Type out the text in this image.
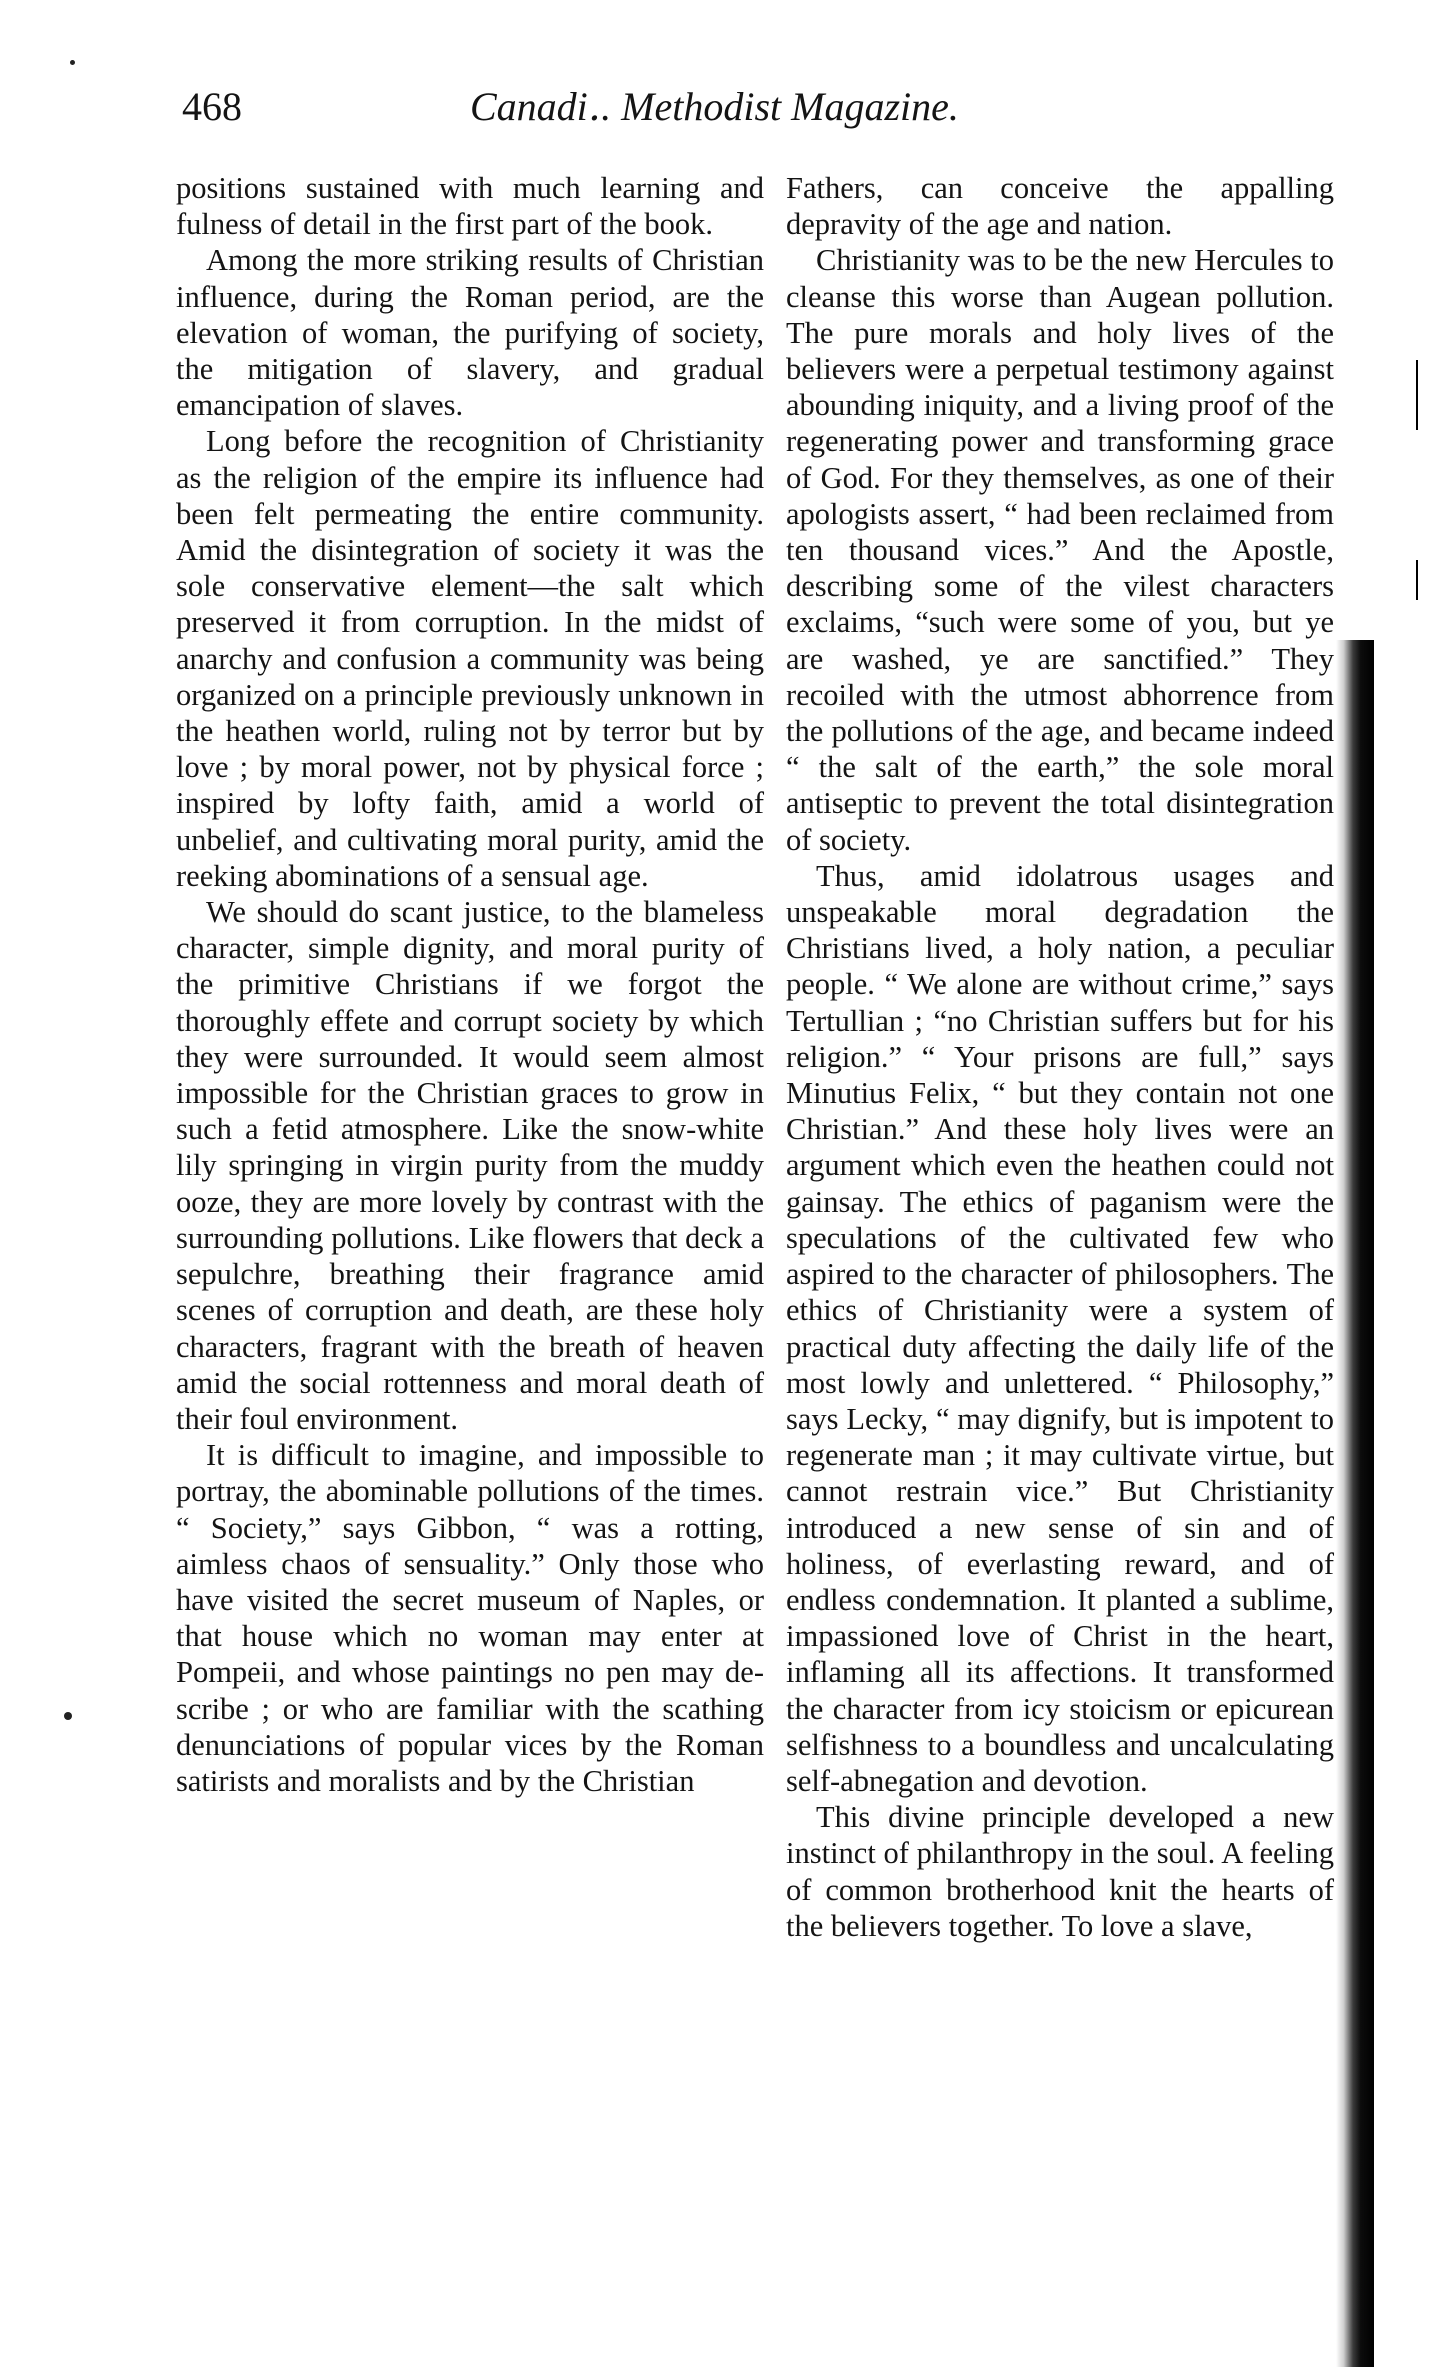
468	Canadi․. Methodist Magazine.

positions sustained with much learning and fulness of detail in the first part of the book.

Among the more striking results of Christian influence, during the Roman period, are the elevation of woman, the purifying of society, the mitigation of slavery, and gradual emancipation of slaves.

Long before the recognition of Christianity as the religion of the empire its influence had been felt permeating the entire community. Amid the disintegration of society it was the sole conservative element—the salt which preserved it from corruption. In the midst of anarchy and confusion a community was being organized on a principle previously unknown in the heathen world, ruling not by terror but by love ; by moral power, not by physical force ; inspired by lofty faith, amid a world of unbelief, and cultivating moral purity, amid the reeking abominations of a sensual age.

We should do scant justice, to the blameless character, simple dignity, and moral purity of the primitive Christians if we forgot the thoroughly effete and corrupt society by which they were surrounded. It would seem almost impossible for the Christian graces to grow in such a fetid atmosphere. Like the snow-white lily springing in virgin purity from the muddy ooze, they are more lovely by contrast with the surrounding pollutions. Like flowers that deck a sepulchre, breathing their fragrance amid scenes of corruption and death, are these holy characters, fragrant with the breath of heaven amid the social rottenness and moral death of their foul environment.

It is difficult to imagine, and impossible to portray, the abominable pollutions of the times. “ Society,” says Gibbon, “ was a rotting, aimless chaos of sensuality.” Only those who have visited the secret museum of Naples, or that house which no woman may enter at Pompeii, and whose paintings no pen may describe ; or who are familiar with the scathing denunciations of popular vices by the Roman satirists and moralists and by the Christian

Fathers, can conceive the appalling depravity of the age and nation.

Christianity was to be the new Hercules to cleanse this worse than Augean pollution. The pure morals and holy lives of the believers were a perpetual testimony against abounding iniquity, and a living proof of the regenerating power and transforming grace of God. For they themselves, as one of their apologists assert, “ had been reclaimed from ten thousand vices.” And the Apostle, describing some of the vilest characters exclaims, “such were some of you, but ye are washed, ye are sanctified.” They recoiled with the utmost abhorrence from the pollutions of the age, and became indeed “ the salt of the earth,” the sole moral antiseptic to prevent the total disintegration of society.

Thus, amid idolatrous usages and unspeakable moral degradation the Christians lived, a holy nation, a peculiar people. “ We alone are without crime,” says Tertullian ; “no Christian suffers but for his religion.” “ Your prisons are full,” says Minutius Felix, “ but they contain not one Christian.” And these holy lives were an argument which even the heathen could not gainsay. The ethics of paganism were the speculations of the cultivated few who aspired to the character of philosophers. The ethics of Christianity were a system of practical duty affecting the daily life of the most lowly and unlettered. “ Philosophy,” says Lecky, “ may dignify, but is impotent to regenerate man ; it may cultivate virtue, but cannot restrain vice.” But Christianity introduced a new sense of sin and of holiness, of everlasting reward, and of endless condemnation. It planted a sublime, impassioned love of Christ in the heart, inflaming all its affections. It transformed the character from icy stoicism or epicurean selfishness to a boundless and uncalculating self-abnegation and devotion.

This divine principle developed a new instinct of philanthropy in the soul. A feeling of common brotherhood knit the hearts of the believers together. To love a slave,
